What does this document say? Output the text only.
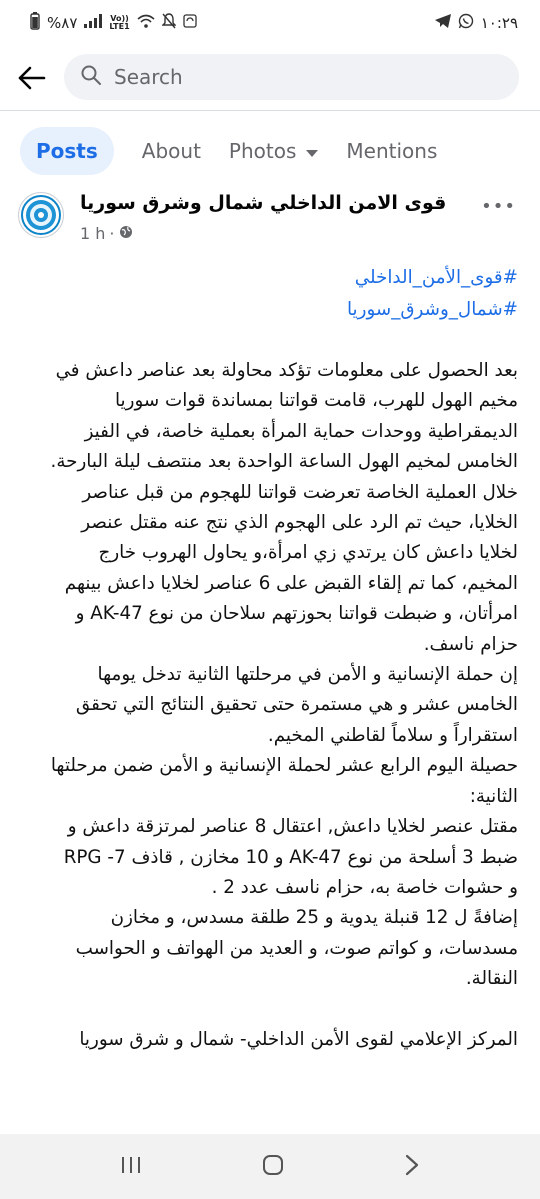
%٨٧	Vo))
LTE1	١٠:٢٩
Search
Posts	About Photos	Mentions
قوى الامن الداخلي شمال وشرق سوريا
1 h ·
•••
#قوى_الأمن_الداخلي
#شمال_وشرق_سوريا
بعد الحصول على معلومات تؤكد محاولة بعد عناصر داعش في
مخيم الهول للهرب، قامت قواتنا بمساندة قوات سوريا
الديمقراطية ووحدات حماية المرأة بعملية خاصة، في الفيز
الخامس لمخيم الهول الساعة الواحدة بعد منتصف ليلة البارحة.
خلال العملية الخاصة تعرضت قواتنا للهجوم من قبل عناصر
الخلايا، حيث تم الرد على الهجوم الذي نتج عنه مقتل عنصر
لخلايا داعش كان يرتدي زي امرأة،و يحاول الهروب خارج
المخيم، كما تم إلقاء القبض على 6 عناصر لخلايا داعش بينهم
امرأتان، و ضبطت قواتنا بحوزتهم سلاحان من نوع AK-47 و
حزام ناسف.
إن حملة الإنسانية و الأمن في مرحلتها الثانية تدخل يومها
الخامس عشر و هي مستمرة حتى تحقيق النتائج التي تحقق
استقراراً و سلاماً لقاطني المخيم.
حصيلة اليوم الرابع عشر لحملة الإنسانية و الأمن ضمن مرحلتها
الثانية:
مقتل عنصر لخلايا داعش, اعتقال 8 عناصر لمرتزقة داعش و
ضبط 3 أسلحة من نوع AK-47 و 10 مخازن , قاذف 7- RPG
و حشوات خاصة به، حزام ناسف عدد 2 .
إضافةً ل 12 قنبلة يدوية و 25 طلقة مسدس، و مخازن
مسدسات، و كواتم صوت، و العديد من الهواتف و الحواسب
النقالة.
المركز الإعلامي لقوى الأمن الداخلي- شمال و شرق سوريا
